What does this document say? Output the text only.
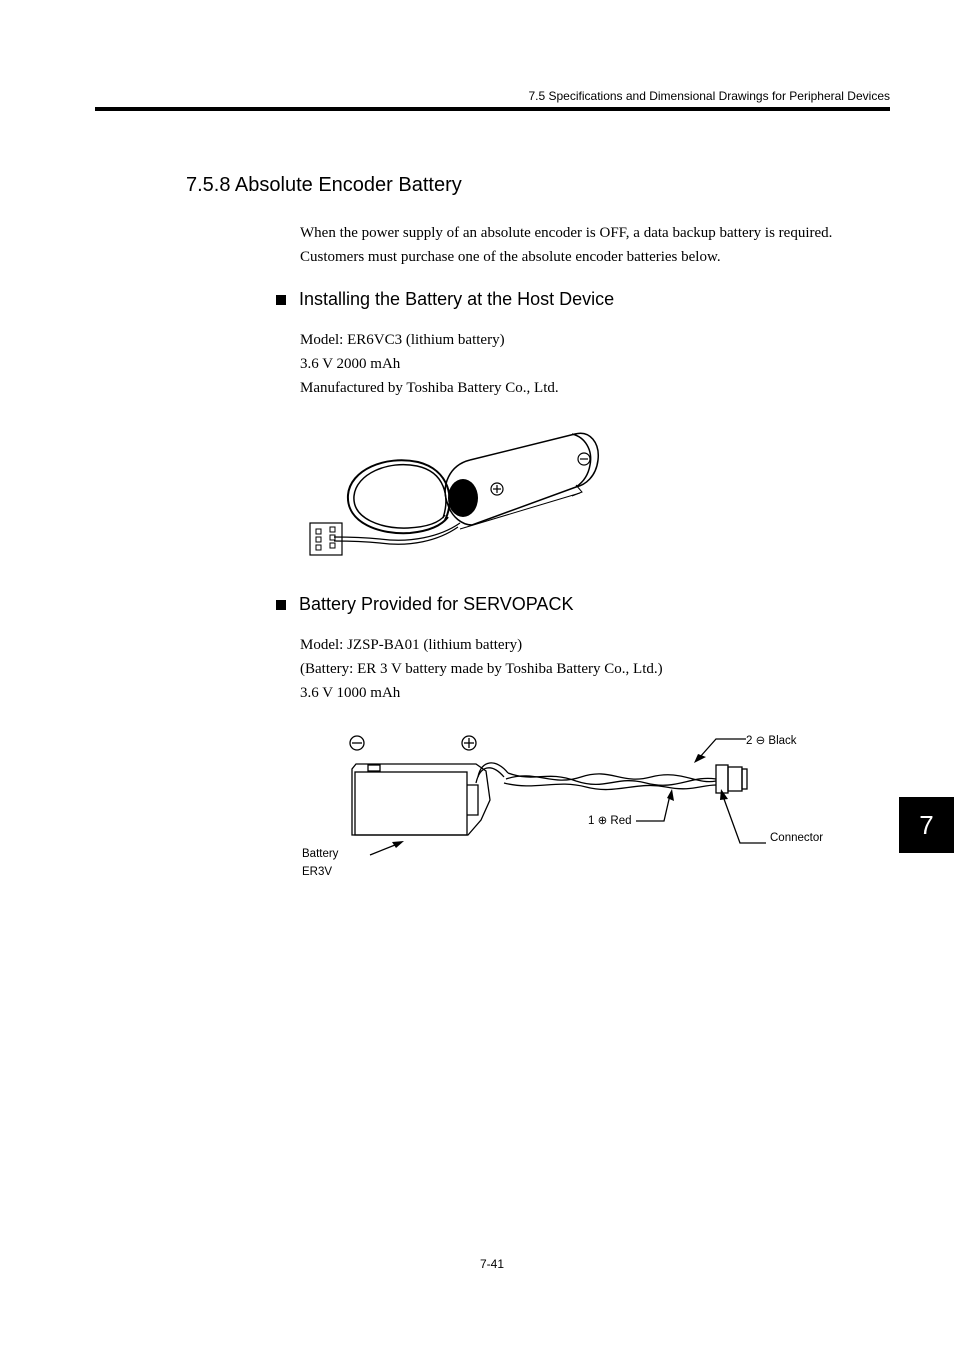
7.5 Specifications and Dimensional Drawings for Peripheral Devices
7.5.8 Absolute Encoder Battery
When the power supply of an absolute encoder is OFF, a data backup battery is required.
Customers must purchase one of the absolute encoder batteries below.
Installing the Battery at the Host Device
Model: ER6VC3 (lithium battery)
3.6 V 2000 mAh
Manufactured by Toshiba Battery Co., Ltd.
Battery Provided for SERVOPACK
Model: JZSP-BA01 (lithium battery)
(Battery: ER 3 V battery made by Toshiba Battery Co., Ltd.)
3.6 V 1000 mAh
2 ⊖ Black
1 ⊕ Red
Connector
Battery
ER3V
7
7-41
